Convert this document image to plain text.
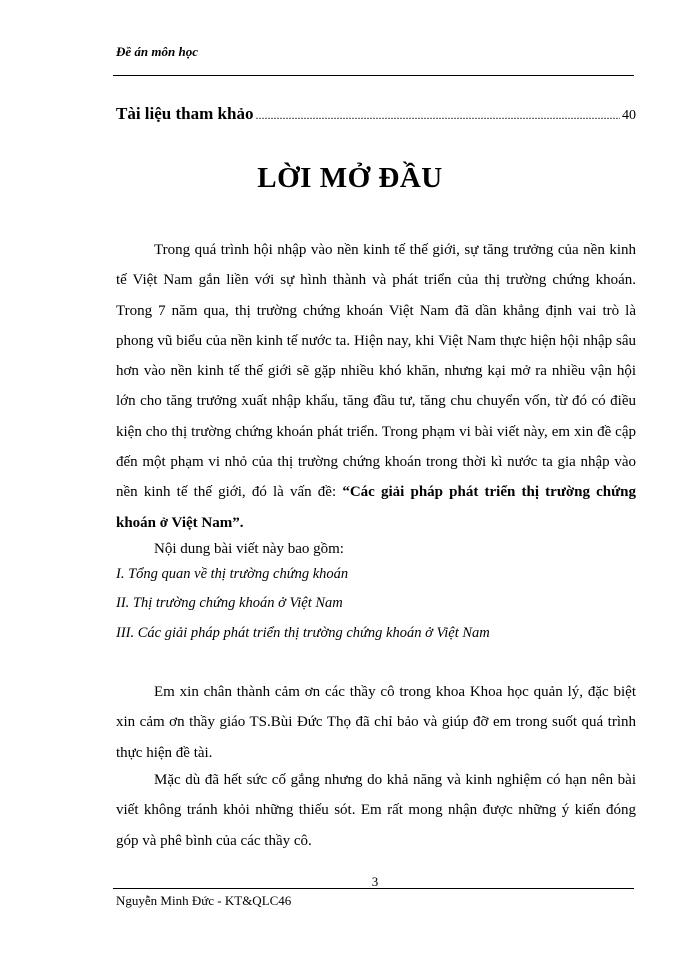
Đề án môn học
Tài liệu tham khảo
.....	40
LỜI MỞ ĐẦU

Trong quá trình hội nhập vào nền kinh tế thế giới, sự tăng trưởng của nền kinh tế Việt Nam gắn liền với sự hình thành và phát triển của thị trường chứng khoán. Trong 7 năm qua, thị trường chứng khoán Việt Nam đã dần khẳng định vai trò là phong vũ biểu của nền kinh tế nước ta. Hiện nay, khi Việt Nam thực hiện hội nhập sâu hơn vào nền kinh tế thế giới sẽ gặp nhiều khó khăn, nhưng kại mở ra nhiều vận hội lớn cho tăng trưởng xuất nhập khẩu, tăng đầu tư, tăng chu chuyển vốn, từ đó có điều kiện cho thị trường chứng khoán phát triển. Trong phạm vi bài viết này, em xin đề cập đến một phạm vi nhỏ của thị trường chứng khoán trong thời kì nước ta gia nhập vào nền kinh tế thế giới, đó là vấn đề: “Các giải pháp phát triển thị trường chứng khoán ở Việt Nam”.

Nội dung bài viết này bao gồm:

I. Tổng quan về thị trường chứng khoán
II. Thị trường chứng khoán ở Việt Nam
III. Các giải pháp phát triển thị trường chứng khoán ở Việt Nam

Em xin chân thành cảm ơn các thầy cô trong khoa Khoa học quản lý, đặc biệt xin cảm ơn thầy giáo TS.Bùi Đức Thọ đã chỉ bảo và giúp đỡ em trong suốt quá trình thực hiện đề tài.

Mặc dù đã hết sức cố gắng nhưng do khả năng và kinh nghiệm có hạn nên bài viết không tránh khỏi những thiếu sót. Em rất mong nhận được những ý kiến đóng góp và phê bình của các thầy cô.

3
Nguyễn Minh Đức - KT&QLC46
